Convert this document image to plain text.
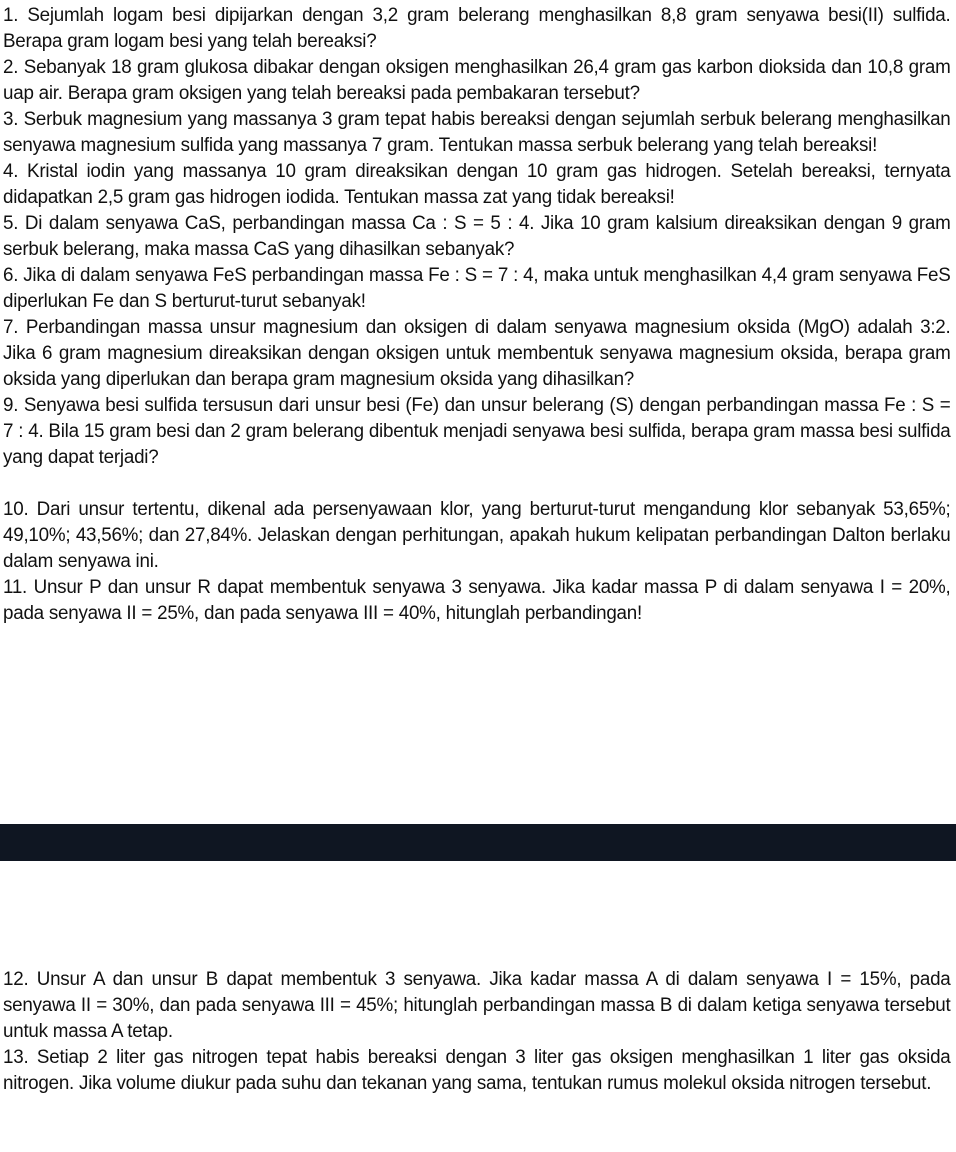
1. Sejumlah logam besi dipijarkan dengan 3,2 gram belerang menghasilkan 8,8 gram senyawa besi(II) sulfida. Berapa gram logam besi yang telah bereaksi?

2. Sebanyak 18 gram glukosa dibakar dengan oksigen menghasilkan 26,4 gram gas karbon dioksida dan 10,8 gram uap air. Berapa gram oksigen yang telah bereaksi pada pembakaran tersebut?

3. Serbuk magnesium yang massanya 3 gram tepat habis bereaksi dengan sejumlah serbuk belerang menghasilkan senyawa magnesium sulfida yang massanya 7 gram. Tentukan massa serbuk belerang yang telah bereaksi!

4. Kristal iodin yang massanya 10 gram direaksikan dengan 10 gram gas hidrogen. Setelah bereaksi, ternyata didapatkan 2,5 gram gas hidrogen iodida. Tentukan massa zat yang tidak bereaksi!

5. Di dalam senyawa CaS, perbandingan massa Ca : S = 5 : 4. Jika 10 gram kalsium direaksikan dengan 9 gram serbuk belerang, maka massa CaS yang dihasilkan sebanyak?

6. Jika di dalam senyawa FeS perbandingan massa Fe : S = 7 : 4, maka untuk menghasilkan 4,4 gram senyawa FeS diperlukan Fe dan S berturut-turut sebanyak!

7. Perbandingan massa unsur magnesium dan oksigen di dalam senyawa magnesium oksida (MgO) adalah 3:2. Jika 6 gram magnesium direaksikan dengan oksigen untuk membentuk senyawa magnesium oksida, berapa gram oksida yang diperlukan dan berapa gram magnesium oksida yang dihasilkan?

9. Senyawa besi sulfida tersusun dari unsur besi (Fe) dan unsur belerang (S) dengan perbandingan massa Fe : S = 7 : 4. Bila 15 gram besi dan 2 gram belerang dibentuk menjadi senyawa besi sulfida, berapa gram massa besi sulfida yang dapat terjadi?

10. Dari unsur tertentu, dikenal ada persenyawaan klor, yang berturut-turut mengandung klor sebanyak 53,65%; 49,10%; 43,56%; dan 27,84%. Jelaskan dengan perhitungan, apakah hukum kelipatan perbandingan Dalton berlaku dalam senyawa ini.

11. Unsur P dan unsur R dapat membentuk senyawa 3 senyawa. Jika kadar massa P di dalam senyawa I = 20%, pada senyawa II = 25%, dan pada senyawa III = 40%, hitunglah perbandingan!

12. Unsur A dan unsur B dapat membentuk 3 senyawa. Jika kadar massa A di dalam senyawa I = 15%, pada senyawa II = 30%, dan pada senyawa III = 45%; hitunglah perbandingan massa B di dalam ketiga senyawa tersebut untuk massa A tetap.

13. Setiap 2 liter gas nitrogen tepat habis bereaksi dengan 3 liter gas oksigen menghasilkan 1 liter gas oksida nitrogen. Jika volume diukur pada suhu dan tekanan yang sama, tentukan rumus molekul oksida nitrogen tersebut.
